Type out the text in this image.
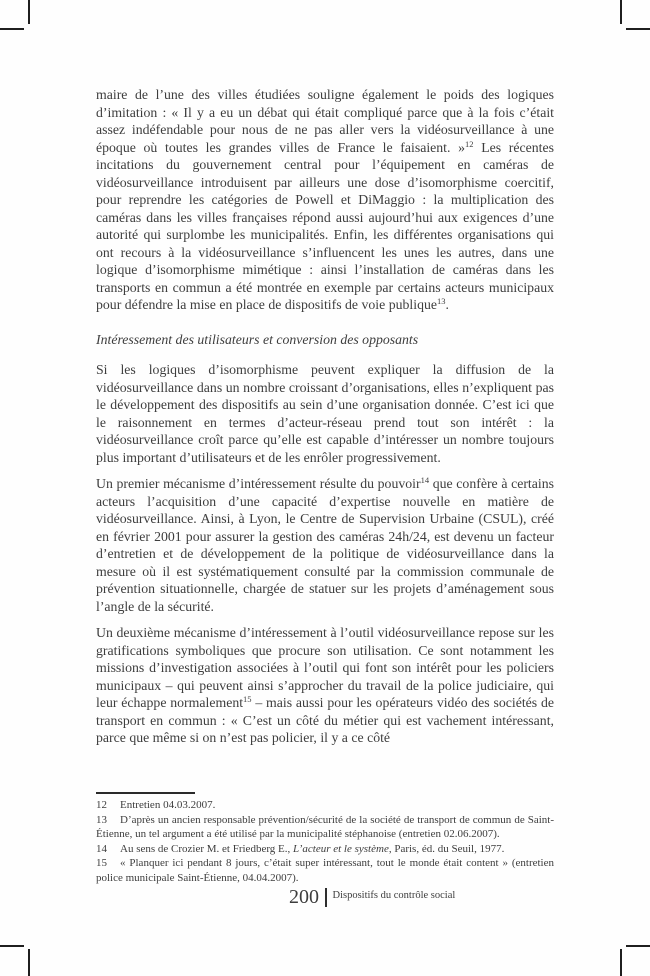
maire de l’une des villes étudiées souligne également le poids des logiques d’imitation : « Il y a eu un débat qui était compliqué parce que à la fois c’était assez indéfendable pour nous de ne pas aller vers la vidéosurveillance à une époque où toutes les grandes villes de France le faisaient. »$^{12}$ Les récentes incitations du gouvernement central pour l’équipement en caméras de vidéosurveillance introduisent par ailleurs une dose d’isomorphisme coercitif, pour reprendre les catégories de Powell et DiMaggio : la multiplication des caméras dans les villes françaises répond aussi aujourd’hui aux exigences d’une autorité qui surplombe les municipalités. Enfin, les différentes organisations qui ont recours à la vidéosurveillance s’influencent les unes les autres, dans une logique d’isomorphisme mimétique : ainsi l’installation de caméras dans les transports en commun a été montrée en exemple par certains acteurs municipaux pour défendre la mise en place de dispositifs de voie publique$^{13}$.

Intéressement des utilisateurs et conversion des opposants

Si les logiques d’isomorphisme peuvent expliquer la diffusion de la vidéosurveillance dans un nombre croissant d’organisations, elles n’expliquent pas le développement des dispositifs au sein d’une organisation donnée. C’est ici que le raisonnement en termes d’acteur-réseau prend tout son intérêt : la vidéosurveillance croît parce qu’elle est capable d’intéresser un nombre toujours plus important d’utilisateurs et de les enrôler progressivement.

Un premier mécanisme d’intéressement résulte du pouvoir$^{14}$ que confère à certains acteurs l’acquisition d’une capacité d’expertise nouvelle en matière de vidéosurveillance. Ainsi, à Lyon, le Centre de Supervision Urbaine (CSUL), créé en février 2001 pour assurer la gestion des caméras 24h/24, est devenu un facteur d’entretien et de développement de la politique de vidéosurveillance dans la mesure où il est systématiquement consulté par la commission communale de prévention situationnelle, chargée de statuer sur les projets d’aménagement sous l’angle de la sécurité.

Un deuxième mécanisme d’intéressement à l’outil vidéosurveillance repose sur les gratifications symboliques que procure son utilisation. Ce sont notamment les missions d’investigation associées à l’outil qui font son intérêt pour les policiers municipaux – qui peuvent ainsi s’approcher du travail de la police judiciaire, qui leur échappe normalement$^{15}$ – mais aussi pour les opérateurs vidéo des sociétés de transport en commun : « C’est un côté du métier qui est vachement intéressant, parce que même si on n’est pas policier, il y a ce côté

12 Entretien 04.03.2007.

13 D’après un ancien responsable prévention/sécurité de la société de transport de commun de Saint-Étienne, un tel argument a été utilisé par la municipalité stéphanoise (entretien 02.06.2007).

14 Au sens de Crozier M. et Friedberg E., L’acteur et le système, Paris, éd. du Seuil, 1977.

15 « Planquer ici pendant 8 jours, c’était super intéressant, tout le monde était content » (entretien police municipale Saint-Étienne, 04.04.2007).

200 Dispositifs du contrôle social
